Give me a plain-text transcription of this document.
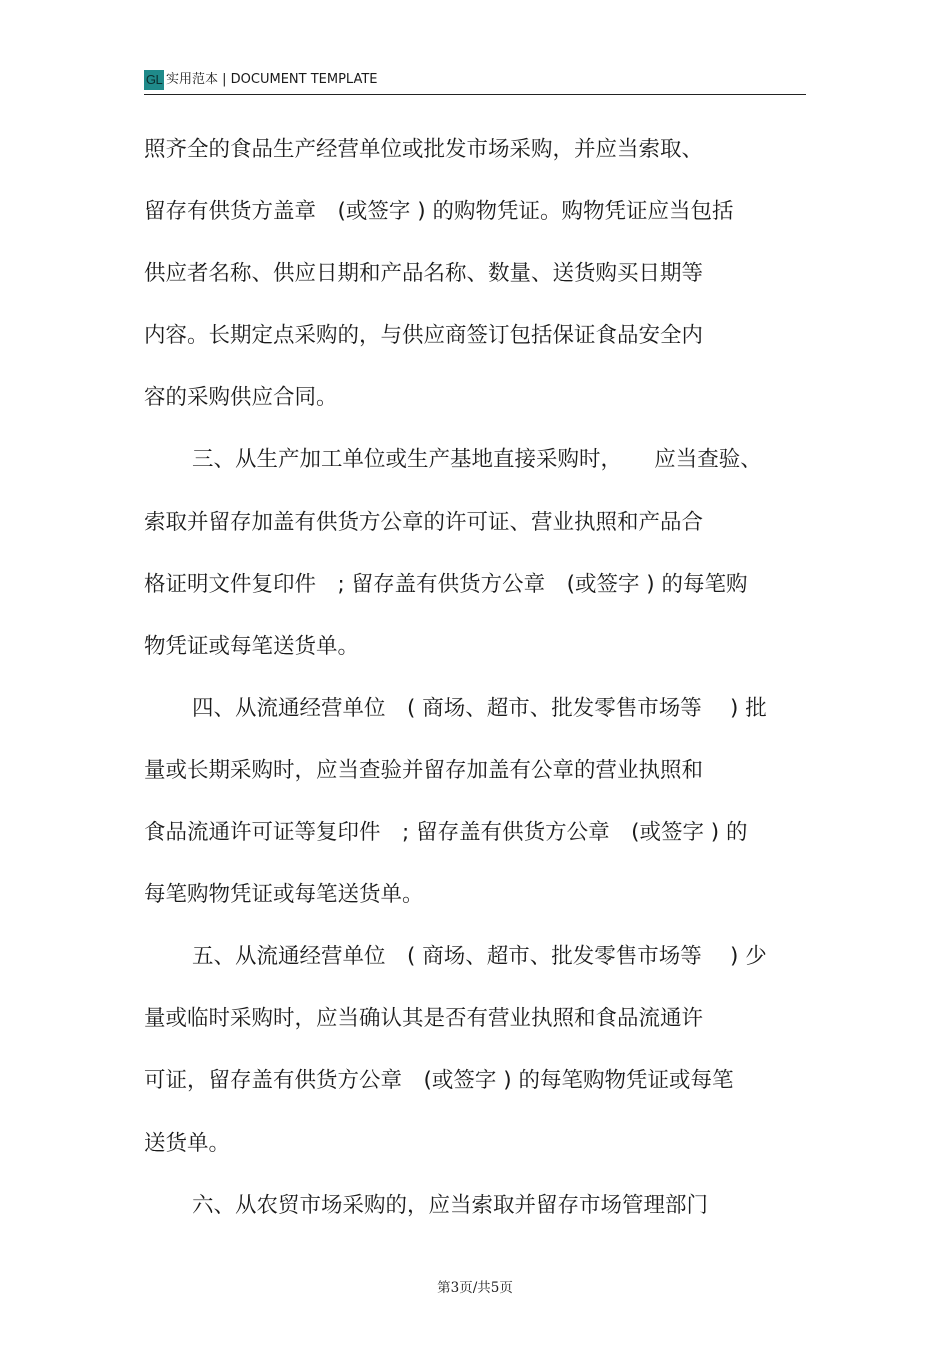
GL 实用范本 | DOCUMENT TEMPLATE
照齐全的食品生产经营单位或批发市场采购，并应当索取、
留存有供货方盖章　(或签字 ) 的购物凭证。购物凭证应当包括
供应者名称、供应日期和产品名称、数量、送货购买日期等
内容。长期定点采购的，与供应商签订包括保证食品安全内
容的采购供应合同。
三、从生产加工单位或生产基地直接采购时，　　应当查验、
索取并留存加盖有供货方公章的许可证、营业执照和产品合
格证明文件复印件　; 留存盖有供货方公章　(或签字 ) 的每笔购
物凭证或每笔送货单。
四、从流通经营单位　( 商场、超市、批发零售市场等　 ) 批
量或长期采购时，应当查验并留存加盖有公章的营业执照和
食品流通许可证等复印件　; 留存盖有供货方公章　(或签字 ) 的
每笔购物凭证或每笔送货单。
五、从流通经营单位　( 商场、超市、批发零售市场等　 ) 少
量或临时采购时，应当确认其是否有营业执照和食品流通许
可证，留存盖有供货方公章　(或签字 ) 的每笔购物凭证或每笔
送货单。
六、从农贸市场采购的，应当索取并留存市场管理部门
第3页/共5页
